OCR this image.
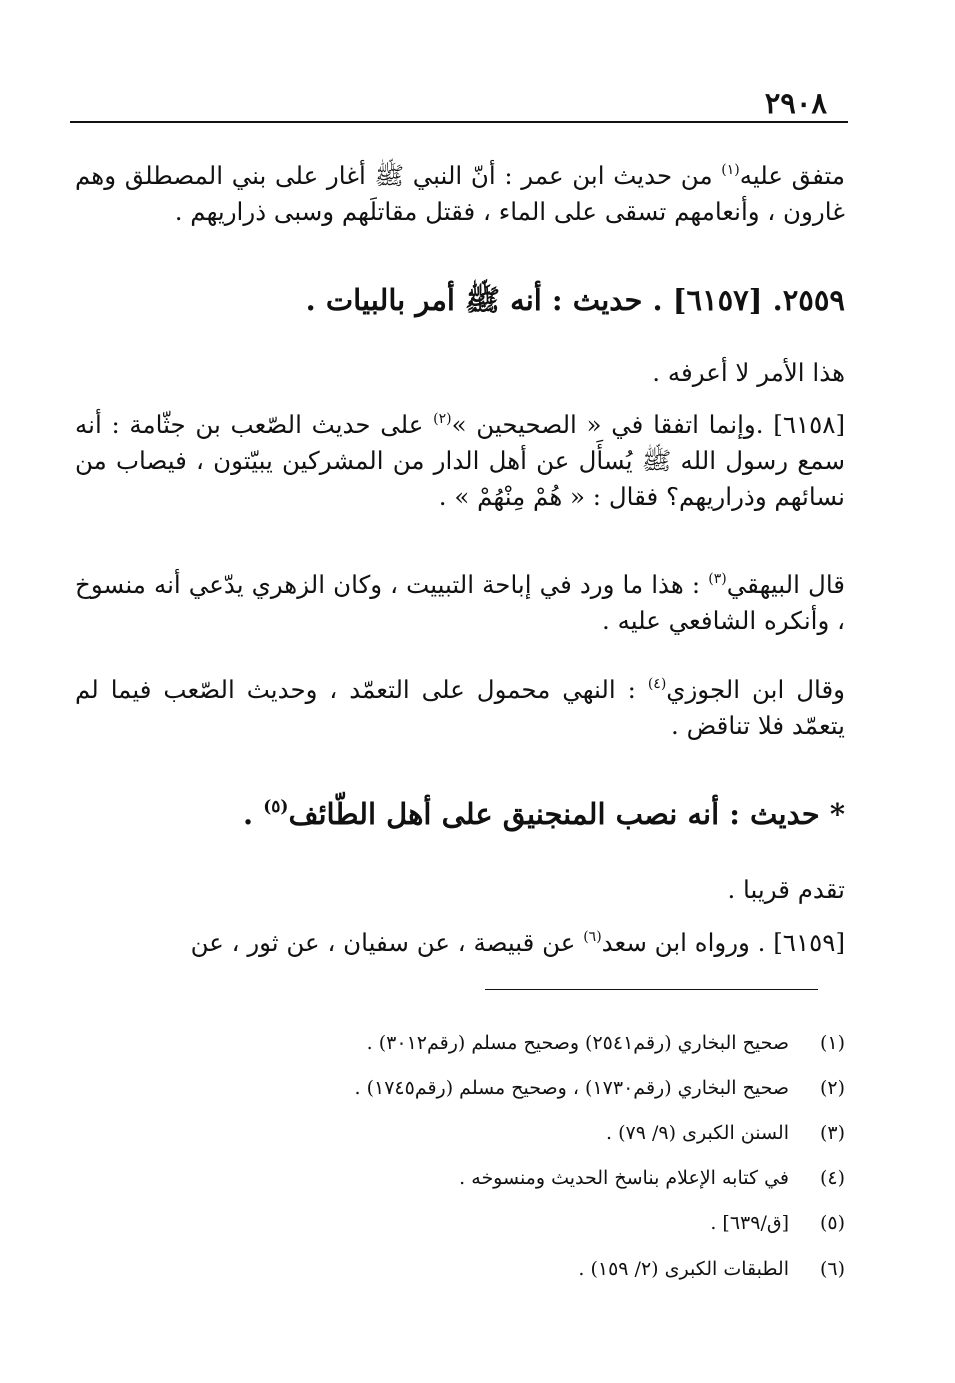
٢٩٠٨
متفق عليه$^{(١)}$ من حديث ابن عمر : أنّ النبي ﷺ أغار على بني المصطلق وهم غارون ، وأنعامهم تسقى على الماء ، فقتل مقاتلَهم وسبى ذراريهم .
٢٥٥٩. [٦١٥٧] . حديث : أنه ﷺ أمر بالبيات .
هذا الأمر لا أعرفه .
[٦١٥٨] .وإنما اتفقا في « الصحيحين »$^{(٢)}$ على حديث الصّعب بن جثّامة : أنه سمع رسول الله ﷺ يُسأَل عن أهل الدار من المشركين يبيّتون ، فيصاب من نسائهم وذراريهم؟ فقال : « هُمْ مِنْهُمْ » .
قال البيهقي$^{(٣)}$ : هذا ما ورد في إباحة التبييت ، وكان الزهري يدّعي أنه منسوخ ، وأنكره الشافعي عليه .
وقال ابن الجوزي$^{(٤)}$ : النهي محمول على التعمّد ، وحديث الصّعب فيما لم يتعمّد فلا تناقض .
* حديث : أنه نصب المنجنيق على أهل الطّائف$^{(٥)}$ .
تقدم قريبا .
[٦١٥٩] . ورواه ابن سعد$^{(٦)}$ عن قبيصة ، عن سفيان ، عن ثور ، عن
(١)
صحيح البخاري (رقم٢٥٤١) وصحيح مسلم (رقم٣٠١٢) .
(٢)
صحيح البخاري (رقم١٧٣٠) ، وصحيح مسلم (رقم١٧٤٥) .
(٣)
السنن الكبرى (٩/ ٧٩) .
(٤)
في كتابه الإعلام بناسخ الحديث ومنسوخه .
(٥)
[ق/٦٣٩] .
(٦)
الطبقات الكبرى (٢/ ١٥٩) .
